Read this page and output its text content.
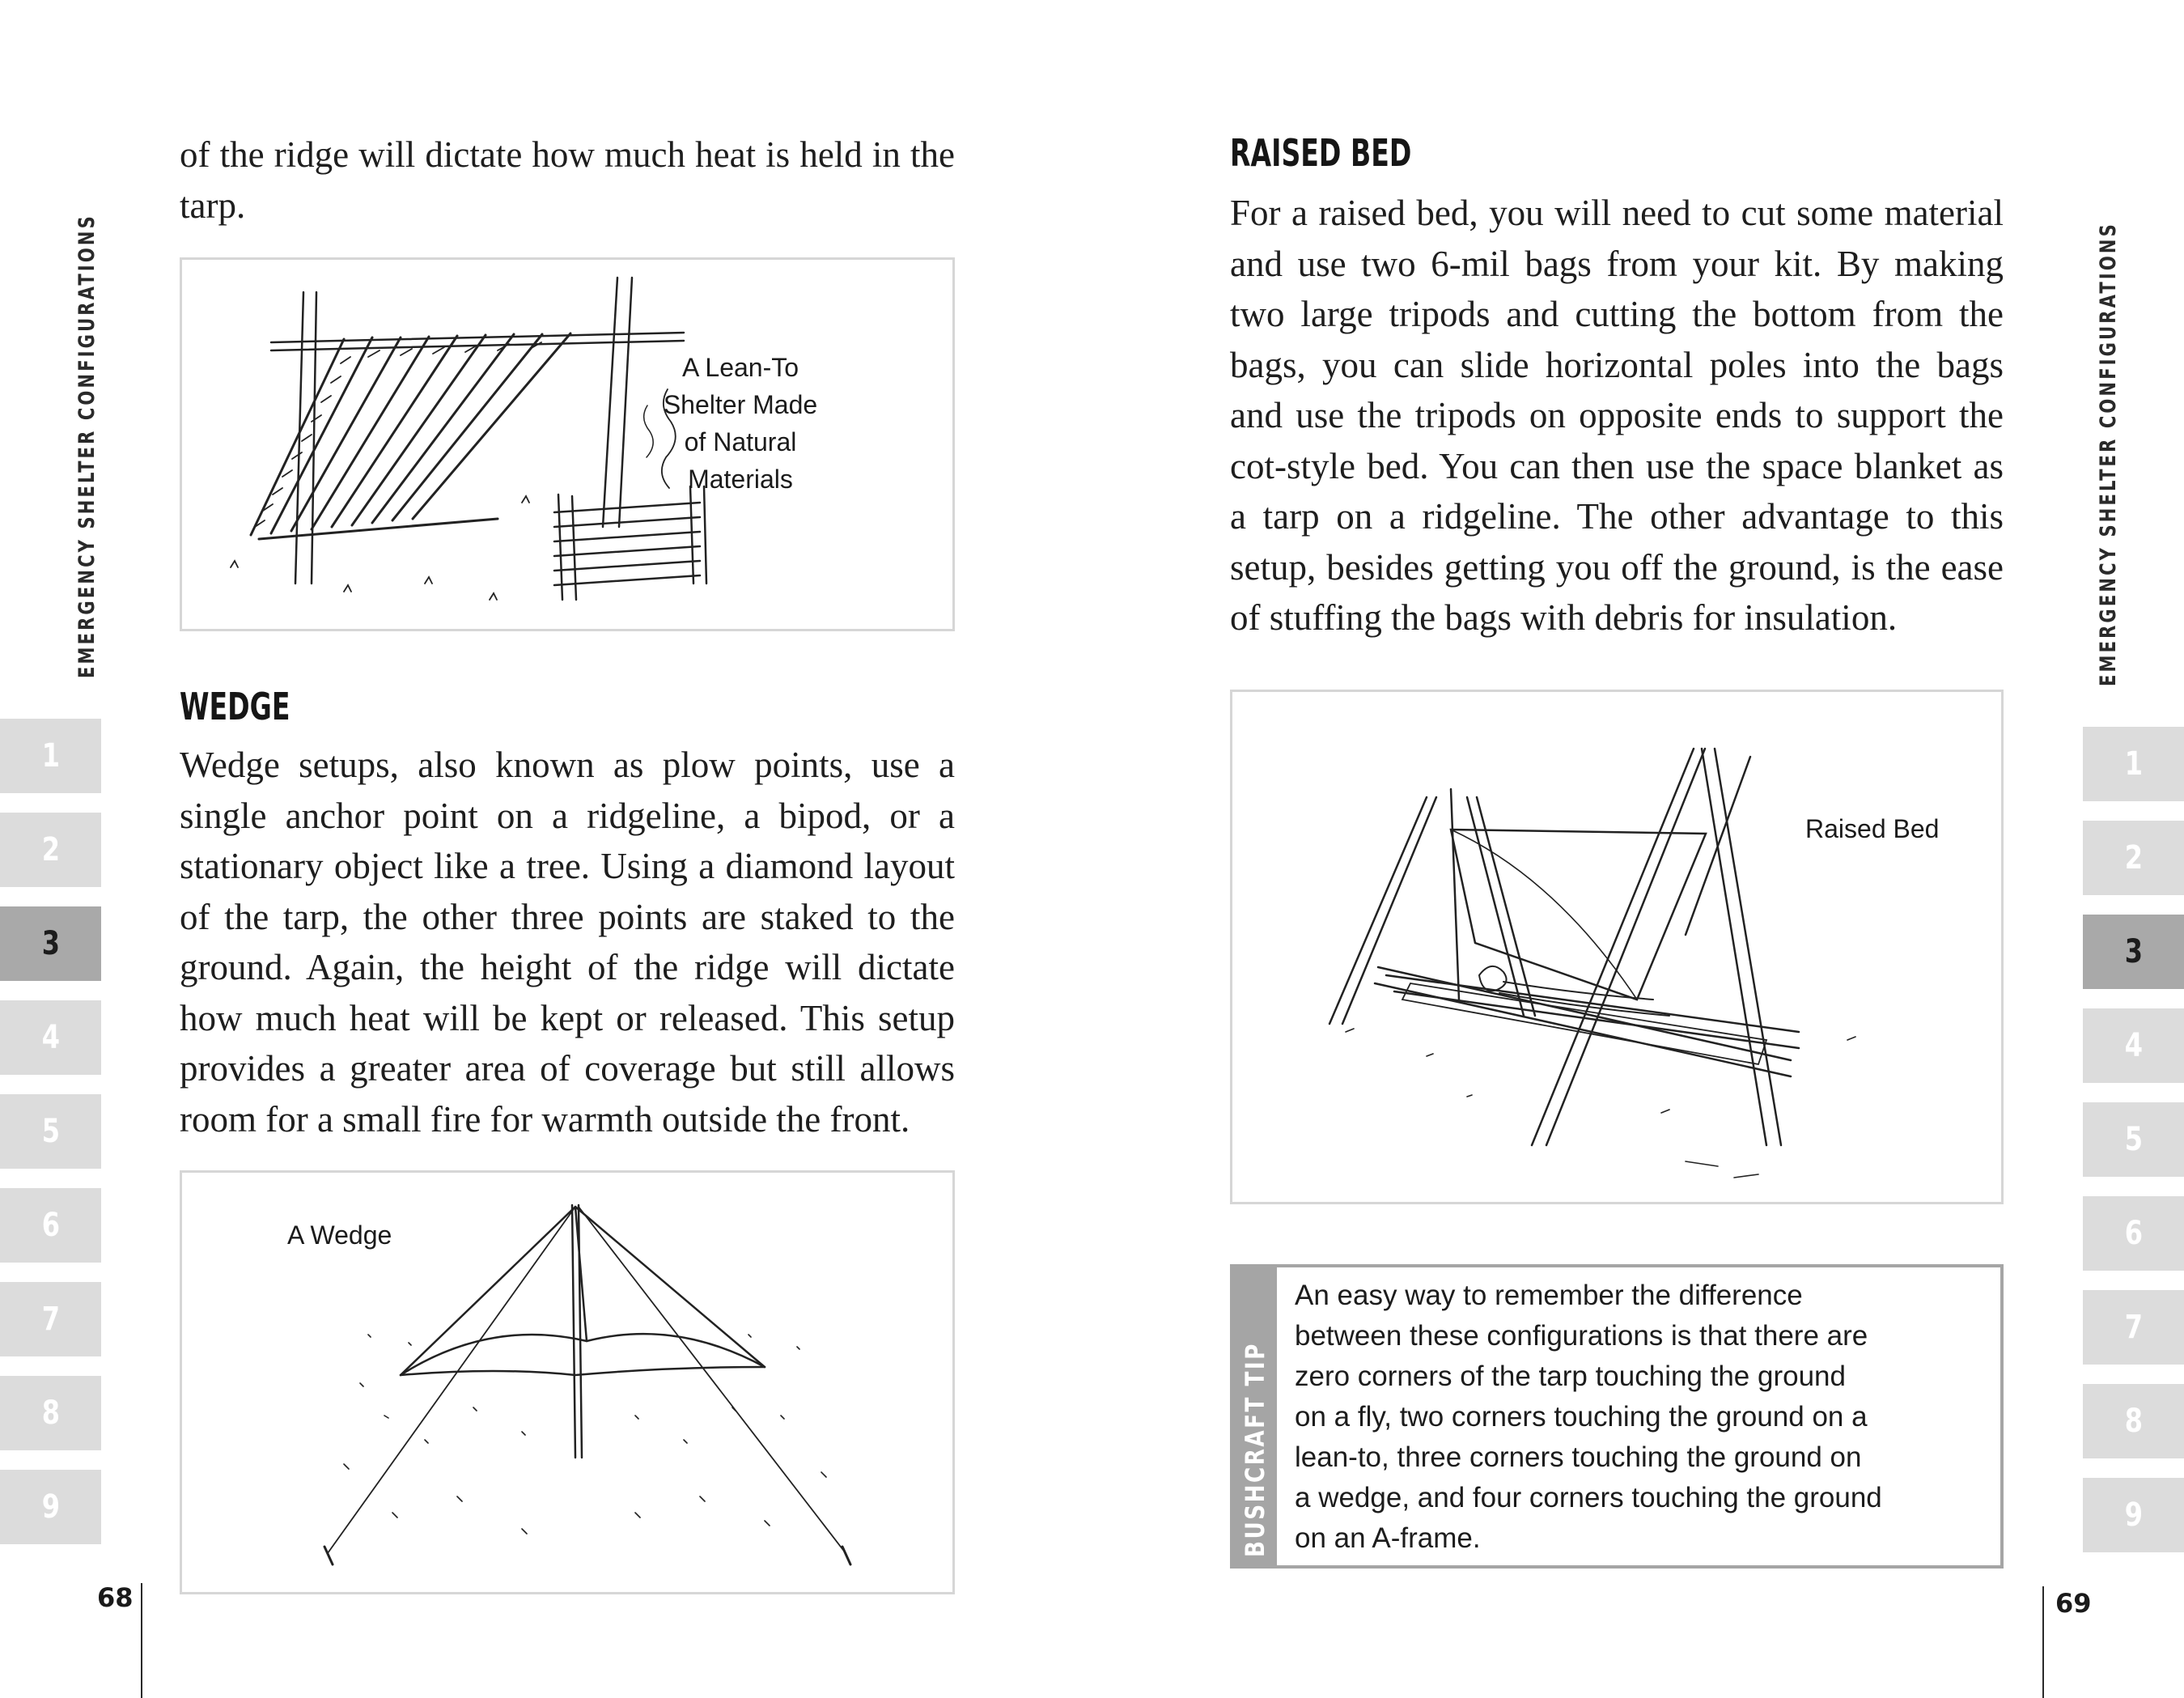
EMERGENCY SHELTER CONFIGURATIONS
1
2
3
4
5
6
7
8
9

of the ridge will dictate how much heat is held in the tarp.

A Lean-To
Shelter Made
of Natural
Materials
WEDGE

Wedge setups, also known as plow points, use a single anchor point on a ridgeline, a bipod, or a stationary object like a tree. Using a diamond layout of the tarp, the other three points are staked to the ground. Again, the height of the ridge will dictate how much heat will be kept or released. This setup provides a greater area of coverage but still allows room for a small fire for warmth outside the front.

A Wedge
68
RAISED BED

For a raised bed, you will need to cut some material and use two 6-mil bags from your kit. By making two large tripods and cutting the bottom from the bags, you can slide horizontal poles into the bags and use the tripods on opposite ends to support the cot-style bed. You can then use the space blanket as a tarp on a ridgeline. The other advantage to this setup, besides getting you off the ground, is the ease of stuffing the bags with debris for insulation.

Raised Bed
BUSHCRAFT TIP
An easy way to remember the difference
between these configurations is that there are
zero corners of the tarp touching the ground
on a fly, two corners touching the ground on a
lean-to, three corners touching the ground on
a wedge, and four corners touching the ground
on an A-frame.
EMERGENCY SHELTER CONFIGURATIONS
1
2
3
4
5
6
7
8
9
69
